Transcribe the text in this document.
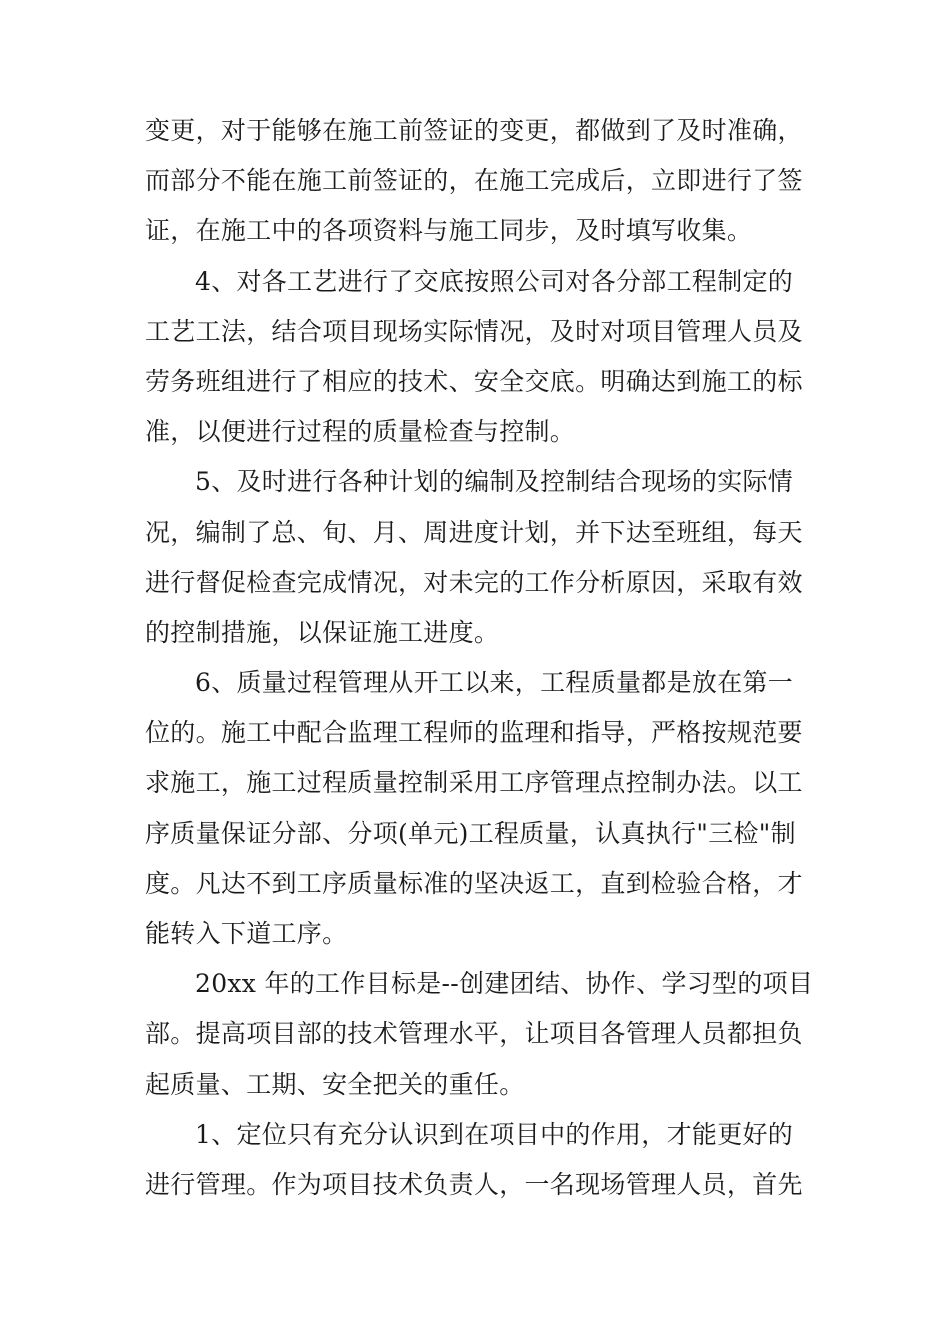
变更，对于能够在施工前签证的变更，都做到了及时准确，
而部分不能在施工前签证的，在施工完成后，立即进行了签
证，在施工中的各项资料与施工同步，及时填写收集。
4、对各工艺进行了交底按照公司对各分部工程制定的
工艺工法，结合项目现场实际情况，及时对项目管理人员及
劳务班组进行了相应的技术、安全交底。明确达到施工的标
准，以便进行过程的质量检查与控制。
5、及时进行各种计划的编制及控制结合现场的实际情
况，编制了总、旬、月、周进度计划，并下达至班组，每天
进行督促检查完成情况，对未完的工作分析原因，采取有效
的控制措施，以保证施工进度。
6、质量过程管理从开工以来，工程质量都是放在第一
位的。施工中配合监理工程师的监理和指导，严格按规范要
求施工，施工过程质量控制采用工序管理点控制办法。以工
序质量保证分部、分项(单元)工程质量，认真执行"三检"制
度。凡达不到工序质量标准的坚决返工，直到检验合格，才
能转入下道工序。
20xx 年的工作目标是--创建团结、协作、学习型的项目
部。提高项目部的技术管理水平，让项目各管理人员都担负
起质量、工期、安全把关的重任。
1、定位只有充分认识到在项目中的作用，才能更好的
进行管理。作为项目技术负责人，一名现场管理人员，首先
